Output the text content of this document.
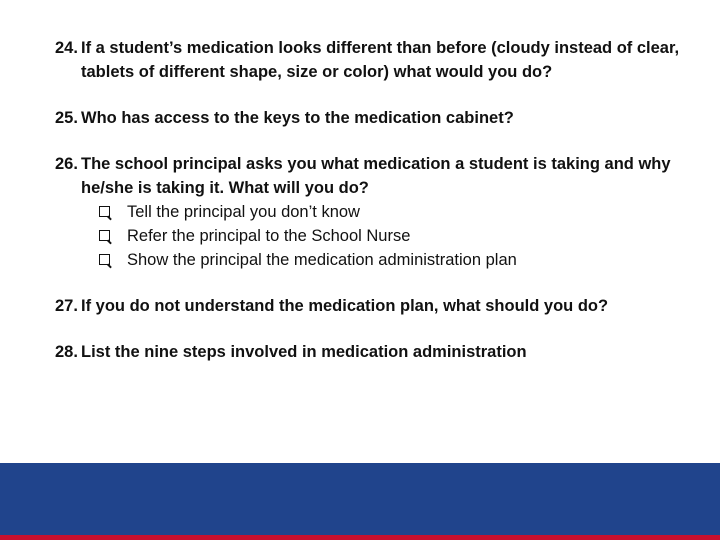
24. If a student’s medication looks different than before (cloudy instead of clear, tablets of different shape, size or color) what would you do?
25. Who has access to the keys to the medication cabinet?
26. The school principal asks you what medication a student is taking and why he/she is taking it. What will you do?
Tell the principal you don’t know
Refer the principal to the School Nurse
Show the principal the medication administration plan
27. If you do not understand the medication plan, what should you do?
28. List the nine steps involved in medication administration
